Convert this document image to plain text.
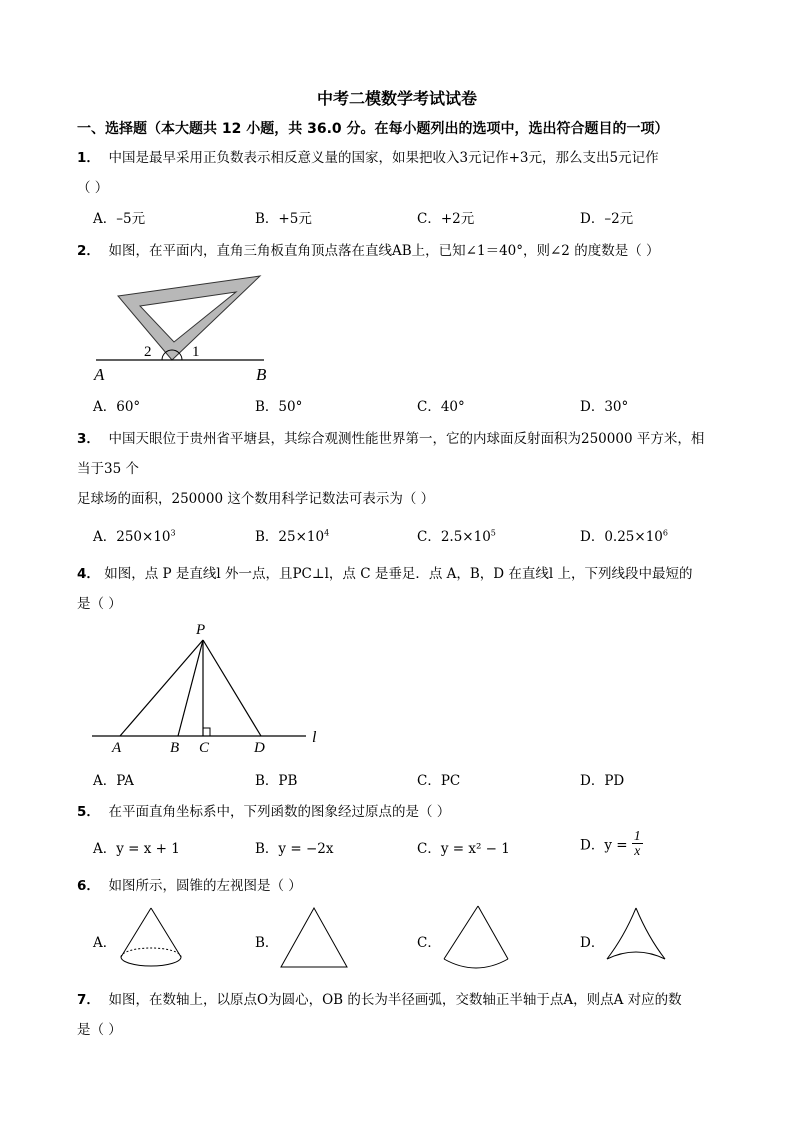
中考二模数学考试试卷
一、选择题（本大题共 12 小题，共 36.0 分。在每小题列出的选项中，选出符合题目的一项）
1． 中国是最早采用正负数表示相反意义量的国家，如果把收入3元记作+3元，那么支出5元记作
（ ）
A．–5元	B．+5元	C．+2元	D．–2元
2． 如图，在平面内，直角三角板直角顶点落在直线AB上，已知∠1＝40°，则∠2 的度数是（ ）
2	1
A	B
A．60°	B．50°	C．40°	D．30°
3． 中国天眼位于贵州省平塘县，其综合观测性能世界第一，它的内球面反射面积为250000 平方米，相
当于35 个
足球场的面积，250000 这个数用科学记数法可表示为（ ）
A．$250\times 10^3$	B．$25\times 10^4$	C．$2.5\times 10^5$	D．$0.25\times 10^6$
4． 如图，点 P 是直线l 外一点，且PC⊥l，点 C 是垂足．点 A，B，D 在直线l 上，下列线段中最短的
是（ ）
P
A	B C	D
l
A．PA	B．PB	C．PC	D．PD
5． 在平面直角坐标系中，下列函数的图象经过原点的是（ ）
A．y = x + 1	B．y = −2x	C．y = x² − 1	D．$y = \frac{1}{x}$
6． 如图所示，圆锥的左视图是（ ）
A．	B．	C．	D．
7． 如图，在数轴上，以原点O为圆心，OB 的长为半径画弧，交数轴正半轴于点A，则点A 对应的数
是（ ）
